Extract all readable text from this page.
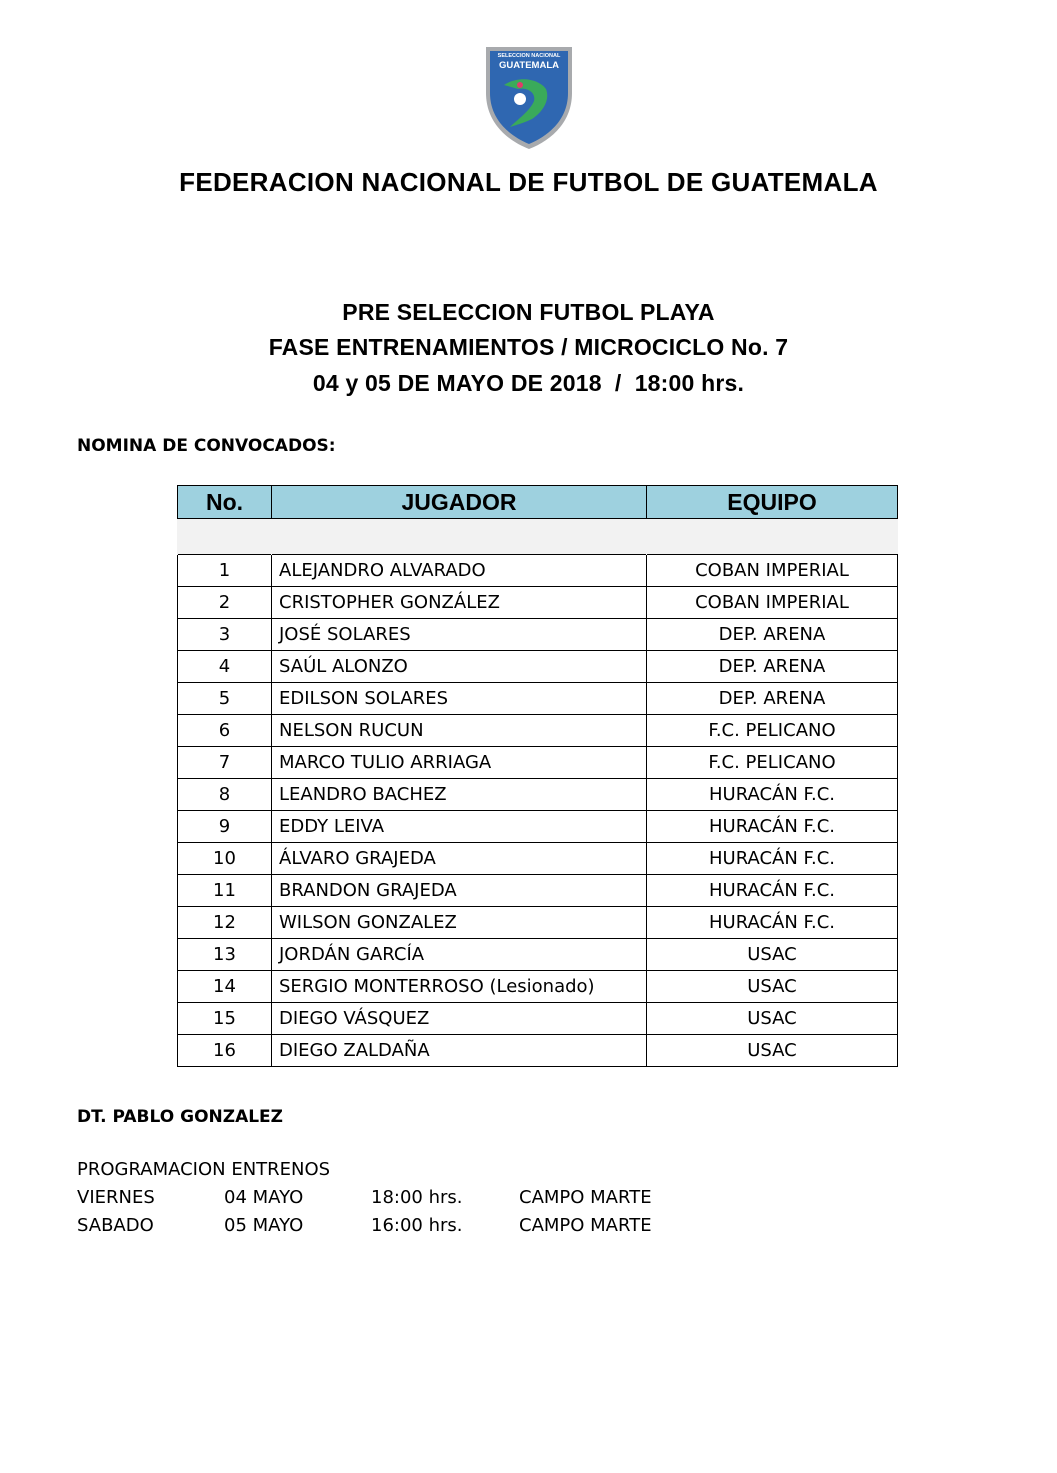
SELECCION NACIONAL
GUATEMALA
FEDERACION NACIONAL DE FUTBOL DE GUATEMALA
PRE SELECCION FUTBOL PLAYA
FASE ENTRENAMIENTOS / MICROCICLO No. 7
04 y 05 DE MAYO DE 2018  /  18:00 hrs.
NOMINA DE CONVOCADOS:
No.	JUGADOR	EQUIPO

1	ALEJANDRO ALVARADO	COBAN IMPERIAL
2	CRISTOPHER GONZÁLEZ	COBAN IMPERIAL
3	JOSÉ SOLARES	DEP. ARENA
4	SAÚL ALONZO	DEP. ARENA
5	EDILSON SOLARES	DEP. ARENA
6	NELSON RUCUN	F.C. PELICANO
7	MARCO TULIO ARRIAGA	F.C. PELICANO
8	LEANDRO BACHEZ	HURACÁN F.C.
9	EDDY LEIVA	HURACÁN F.C.
10	ÁLVARO GRAJEDA	HURACÁN F.C.
11	BRANDON GRAJEDA	HURACÁN F.C.
12	WILSON GONZALEZ	HURACÁN F.C.
13	JORDÁN GARCÍA	USAC
14	SERGIO MONTERROSO (Lesionado)	USAC
15	DIEGO VÁSQUEZ	USAC
16	DIEGO ZALDAÑA	USAC
DT. PABLO GONZALEZ
PROGRAMACION ENTRENOS
VIERNES	04 MAYO	18:00 hrs.	CAMPO MARTE
SABADO	05 MAYO	16:00 hrs.	CAMPO MARTE
